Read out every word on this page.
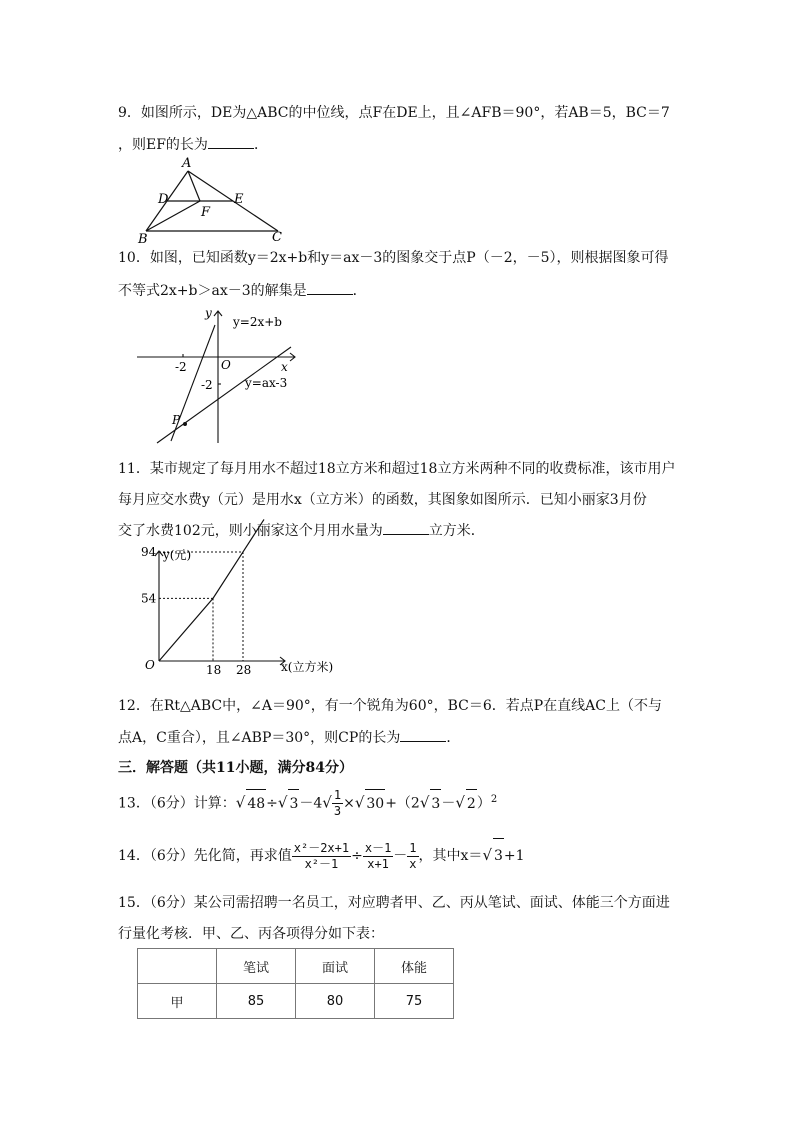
9．如图所示，DE为△ABC的中位线，点F在DE上，且∠AFB＝90°，若AB＝5，BC＝7
，则EF的长为	．
A
D	E
F
B	C
10．如图，已知函数y＝2x+b和y＝ax－3的图象交于点P（－2，－5），则根据图象可得
不等式2x+b＞ax－3的解集是	．
y
x
O
-2
-2
P
y=2x+b
y=ax-3
11．某市规定了每月用水不超过18立方米和超过18立方米两种不同的收费标准，该市用户
每月应交水费y（元）是用水x（立方米）的函数，其图象如图所示．已知小丽家3月份
交了水费102元，则小丽家这个月用水量为	立方米．
18
54
28
94 y(元)
x(立方米)
O
12．在Rt△ABC中，∠A＝90°，有一个锐角为60°，BC＝6．若点P在直线AC上（不与
点A，C重合），且∠ABP＝30°，则CP的长为	．
三．解答题（共11小题，满分84分）
13．（6分）计算：√ 48÷√ $3-4√ \frac{1}{3}$ ×√ 30+（2√ 3－√ 2）$^2$
14．（6分）先化简，再求值 $\frac{\text{x²－2x+1}}{\text{x²－1}} \div \frac{x-1}{x+1} - \frac{1}{x}$ ，其中x＝√ 3+1
15．（6分）某公司需招聘一名员工，对应聘者甲、乙、丙从笔试、面试、体能三个方面进
行量化考核．甲、乙、丙各项得分如下表：
	笔试	面试	体能
甲	85	80	75
